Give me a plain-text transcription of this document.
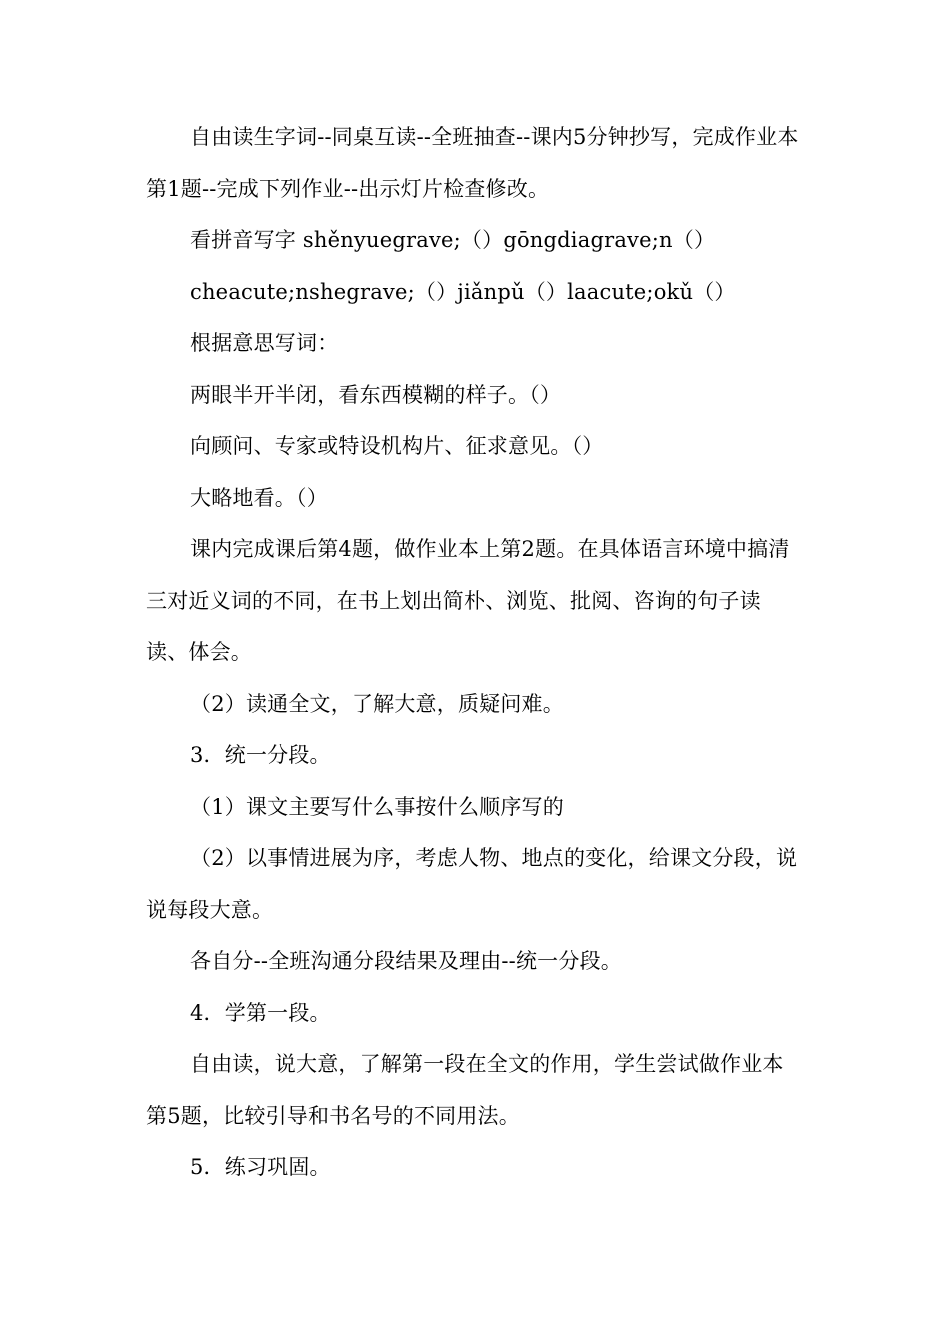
自由读生字词--同桌互读--全班抽查--课内5分钟抄写，完成作业本第1题--完成下列作业--出示灯片检查修改。

看拼音写字 shěnyuegrave;（）gōngdiagrave;n（）

cheacute;nshegrave;（）jiǎnpǔ（）laacute;okǔ（）

根据意思写词：

两眼半开半闭，看东西模糊的样子。（）

向顾问、专家或特设机构片、征求意见。（）

大略地看。（）

课内完成课后第4题，做作业本上第2题。在具体语言环境中搞清三对近义词的不同，在书上划出简朴、浏览、批阅、咨询的句子读读、体会。

（2）读通全文，了解大意，质疑问难。

3．统一分段。

（1）课文主要写什么事按什么顺序写的

（2）以事情进展为序，考虑人物、地点的变化，给课文分段，说说每段大意。

各自分--全班沟通分段结果及理由--统一分段。

4．学第一段。

自由读，说大意，了解第一段在全文的作用，学生尝试做作业本第5题，比较引导和书名号的不同用法。

5．练习巩固。
